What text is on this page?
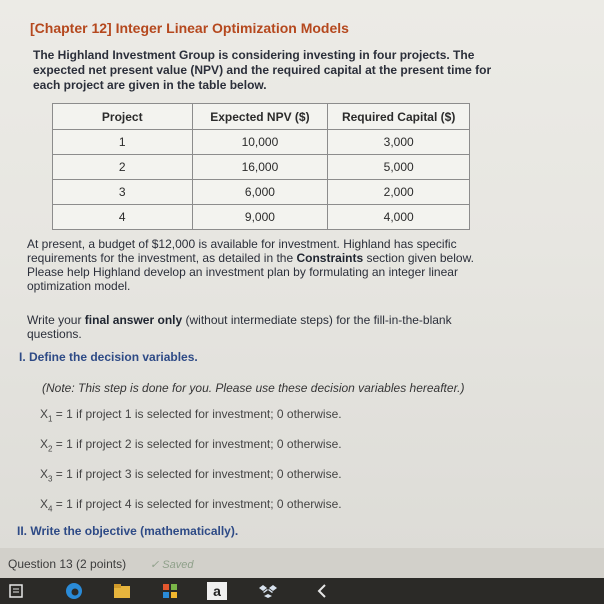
[Chapter 12] Integer Linear Optimization Models
The Highland Investment Group is considering investing in four projects. The expected net present value (NPV) and the required capital at the present time for each project are given in the table below.
Project	Expected NPV ($)	Required Capital ($)
1	10,000	3,000
2	16,000	5,000
3	6,000	2,000
4	9,000	4,000
At present, a budget of $12,000 is available for investment. Highland has specific requirements for the investment, as detailed in the Constraints section given below. Please help Highland develop an investment plan by formulating an integer linear optimization model.
Write your final answer only (without intermediate steps) for the fill-in-the-blank questions.
I. Define the decision variables.
(Note: This step is done for you. Please use these decision variables hereafter.)
$X_1 = 1$ if project 1 is selected for investment; 0 otherwise.
$X_2 = 1$ if project 2 is selected for investment; 0 otherwise.
$X_3 = 1$ if project 3 is selected for investment; 0 otherwise.
$X_4 = 1$ if project 4 is selected for investment; 0 otherwise.
II. Write the objective (mathematically).
Question 13 (2 points) ✓ Saved
a
